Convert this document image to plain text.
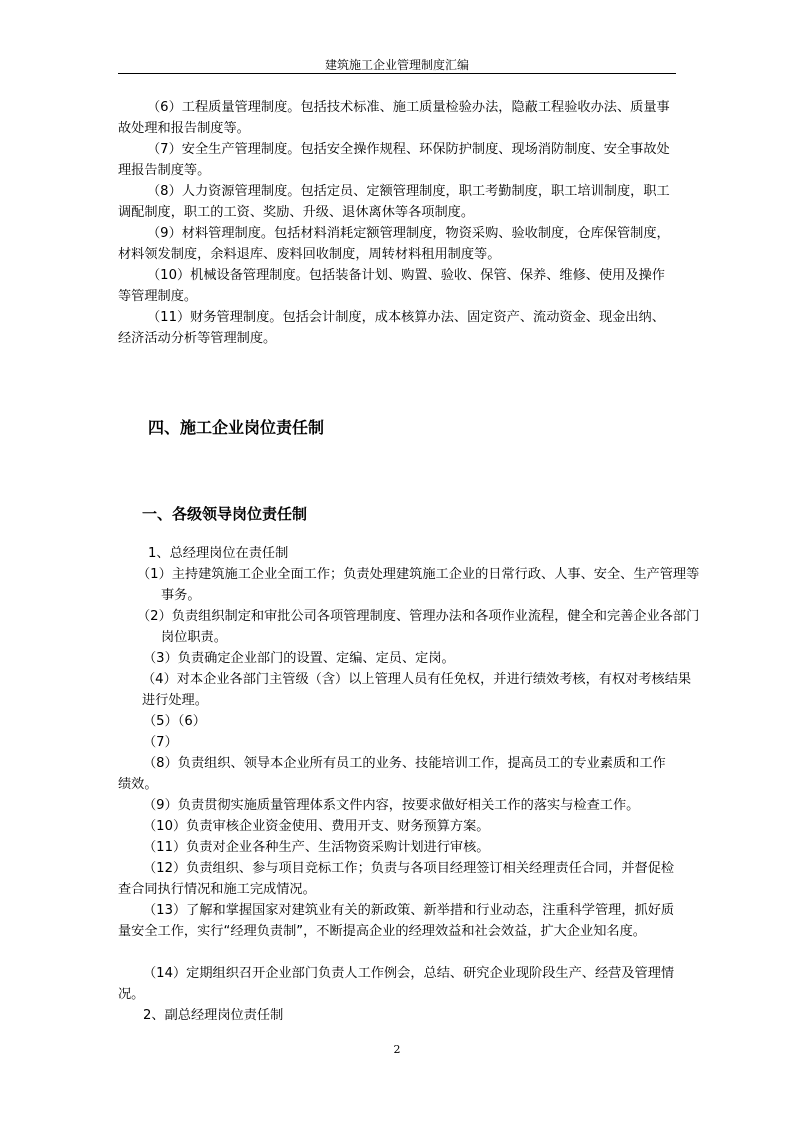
建筑施工企业管理制度汇编

（6）工程质量管理制度。包括技术标准、施工质量检验办法，隐蔽工程验收办法、质量事故处理和报告制度等。

（7）安全生产管理制度。包括安全操作规程、环保防护制度、现场消防制度、安全事故处理报告制度等。

（8）人力资源管理制度。包括定员、定额管理制度，职工考勤制度，职工培训制度，职工调配制度，职工的工资、奖励、升级、退休离休等各项制度。

（9）材料管理制度。包括材料消耗定额管理制度，物资采购、验收制度，仓库保管制度，材料领发制度，余料退库、废料回收制度，周转材料租用制度等。

（10）机械设备管理制度。包括装备计划、购置、验收、保管、保养、维修、使用及操作等管理制度。

（11）财务管理制度。包括会计制度，成本核算办法、固定资产、流动资金、现金出纳、经济活动分析等管理制度。

四、施工企业岗位责任制
一、各级领导岗位责任制

1、总经理岗位在责任制

（1）主持建筑施工企业全面工作；负责处理建筑施工企业的日常行政、人事、安全、生产管理等事务。

（2）负责组织制定和审批公司各项管理制度、管理办法和各项作业流程，健全和完善企业各部门岗位职责。

（3）负责确定企业部门的设置、定编、定员、定岗。

（4）对本企业各部门主管级（含）以上管理人员有任免权，并进行绩效考核，有权对考核结果进行处理。

（5）（6）

（7）

（8）负责组织、领导本企业所有员工的业务、技能培训工作，提高员工的专业素质和工作绩效。

（9）负责贯彻实施质量管理体系文件内容，按要求做好相关工作的落实与检查工作。

（10）负责审核企业资金使用、费用开支、财务预算方案。

（11）负责对企业各种生产、生活物资采购计划进行审核。

（12）负责组织、参与项目竞标工作；负责与各项目经理签订相关经理责任合同，并督促检查合同执行情况和施工完成情况。

（13）了解和掌握国家对建筑业有关的新政策、新举措和行业动态，注重科学管理，抓好质量安全工作，实行“经理负责制”，不断提高企业的经理效益和社会效益，扩大企业知名度。

（14）定期组织召开企业部门负责人工作例会，总结、研究企业现阶段生产、经营及管理情况。

2、副总经理岗位责任制

2
